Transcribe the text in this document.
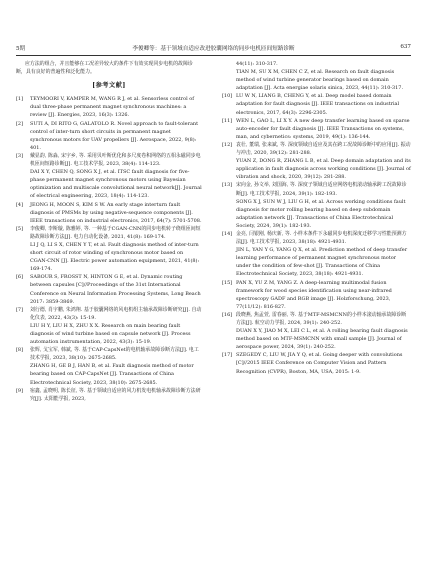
5期	李俊卿等：基于领域自适应改进胶囊网络的同步电机匝间短路诊断	637

应方法的组合，并且能够在工况差异较大的条件下有效实现同步电机的故障诊断，具有良好的普遍性和泛化能力。

[参考文献]
[1]	TEYMOORI V, KAMPER M, WANG R J, et al. Sensorless control of dual three-phase permanent magnet synchronous machines: a review [J]. Energies, 2023, 16(3): 1326.
[2]	SUTI A, DI RITO G, GALATOLO R. Novel approach to fault-tolerant control of inter-turn short circuits in permanent magnet synchronous motors for UAV propellers [J]. Aerospace, 2022, 9(8): 401.
[3]	戴显韵, 陈淼, 宋宇乡, 等. 采用贝叶斯优化和多尺度卷积网络的五相永磁同步电机匝间短路诊断[J]. 电工技术学报, 2023, 38(4): 114-123.
DAI X Y, CHEN Q, SONG X J, et al. ITSC fault diagnosis for five-phase permanent magnet synchronous motors using Bayesian optimization and multiscale convolutional neural network[J]. Journal of electrical engineering, 2023, 18(4): 114-123.
[4]	JEONG H, MOON S, KIM S W. An early stage interturn fault diagnosis of PMSMs by using negative-sequence components [J]. IEEE transactions on industrial electronics, 2017, 64(7): 5701-5708.
[5]	李俊卿, 李斯璇, 陈雅婷, 等. 一种基于CGAN-CNN的同步电机转子绕组匝间短路故障诊断方法[J]. 电力自动化设备, 2021, 41(8): 169-174.
LI J Q, LI S X, CHEN Y T, et al. Fault diagnosis method of inter-turn short circuit of rotor winding of synchronous motor based on CGAN-CNN [J]. Electric power automation equipment, 2021, 41(8): 169-174.
[6]	SABOUR S, FROSST N, HINTON G E, et al. Dynamic routing between capsules [C]//Proceedings of the 31st International Conference on Neural Information Processing Systems, Long Beach 2017: 3859-3869.
[7]	刘行德, 肖宇鹏, 朱鸿翔. 基于胶囊网络的风电机组主轴承故障诊断研究[J]. 自动化仪表, 2022, 43(3): 15-19.
LIU H Y, LIU H X, ZHU X X. Research on main bearing fault diagnosis of wind turbine based on capsule network [J]. Process automation instrumentation, 2022, 43(3): 15-19.
[8]	张辉, 戈宝军, 韩斌, 等. 基于CAP-CapsNet的电机轴承故障诊断方法[J]. 电工技术学报, 2023, 38(10): 2675-2685.
ZHANG H, GE B J, HAN B, et al. Fault diagnosis method of motor bearing based on CAP-CapsNet [J]. Transactions of China Electrotechnical Society, 2023, 38(10): 2675-2685.
[9]	宿鑫, 孟晓明, 陈长征, 等. 基于领域自适应的风力机发电机轴承故障诊断方法研究[J]. 太阳能学报, 2023,
44(11): 310-317.
TIAN M, SU X M, CHEN C Z, et al. Research on fault diagnosis method of wind turbine generator bearings based on domain adaptation [J]. Acta energiae solaris sinica, 2023, 44(11): 310-317.
[10] LU W N, LIANG B, CHENG Y, et al. Deep model based domain adaptation for fault diagnosis [J]. IEEE transactions on industrial electronics, 2017, 64(3): 2296-2305.
[11] WEN L, GAO L, LI X Y. A new deep transfer learning based on sparse auto-encoder for fault diagnosis [J]. IEEE Transactions on systems, man, and cybernetics: systems, 2019, 49(1): 136-144.
[12] 袁壮, 董瑞, 张来斌, 等. 深度领域自适应及其在跨工况故障诊断中的应用[J]. 振动与冲击, 2020, 39(12): 281-288.
YUAN Z, DONG R, ZHANG L B, et al. Deep domain adaptation and its application in fault diagnosis across working conditions [J]. Journal of vibration and shock, 2020, 39(12): 281-288.
[13] 宋向金, 孙文举, 刘国海, 等. 深度子领域自适应网络电机滚动轴承跨工况故障诊断[J]. 电工技术学报, 2024, 39(1): 182-193.
SONG X J, SUN W J, LIU G H, et al. Across working conditions fault diagnosis for motor rolling bearing based on deep subdomain adaptation network [J]. Transactions of China Electrotechnical Society, 2024, 39(1): 182-193.
[14] 金亮, 闫银刚, 杨庆新, 等. 小样本条件下永磁同步电机深度迁移学习性能预测方法[J]. 电工技术学报, 2023, 38(18): 4921-4931.
JIN L, YAN Y G, YANG Q X, et al. Prediction method of deep transfer learning performance of permanent magnet synchronous motor under the condition of few-shot [J]. Transactions of China Electrotechnical Society, 2023, 38(18): 4921-4931.
[15] PAN X, YU Z M, YANG Z. A deep-learning multimodal fusion framework for wood species identification using near-infrared spectroscopy GADF and RGB image [J]. Holzforschung, 2023, 77(11/12): 816-827.
[16] 段晓燕, 焦孟萱, 雷春丽, 等. 基于MTF-MSMCNN的小样本滚动轴承故障诊断方法[J]. 航空动力学报, 2024, 39(1): 240-252.
DUAN X Y, JIAO M X, LEI C L, et al. A rolling bearing fault diagnosis method based on MTF-MSMCNN with small sample [J]. Journal of aerospace power, 2024, 39(1): 240-252.
[17] SZEGEDY C, LIU W, JIA Y Q, et al. Going deeper with convolutions [C]//2015 IEEE Conference on Computer Vision and Pattern Recognition (CVPR), Boston, MA, USA, 2015: 1-9.
